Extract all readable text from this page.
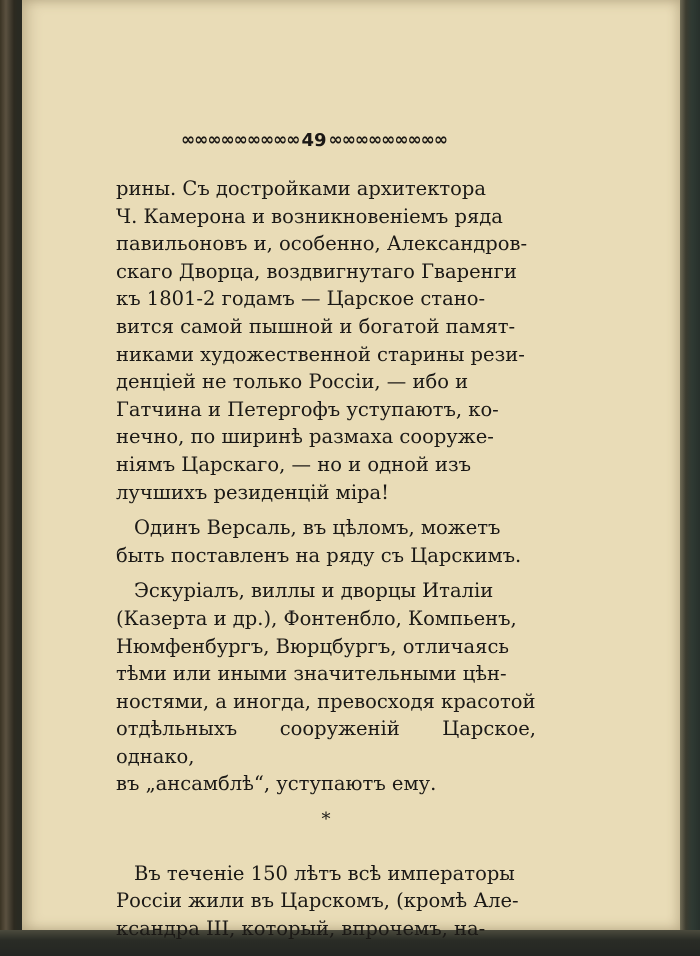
∞∞∞∞∞∞∞∞∞ 49 ∞∞∞∞∞∞∞∞∞

рины. Съ достройками архитектора

Ч. Камерона и возникновеніемъ ряда

павильоновъ и, особенно, Александров-

скаго Дворца, воздвигнутаго Гваренги

къ 1801-2 годамъ — Царское стано-

вится самой пышной и богатой памят-

никами художественной старины рези-

денціей не только Россіи, — ибо и

Гатчина и Петергофъ уступаютъ, ко-

нечно, по ширинѣ размаха сооруже-

ніямъ Царскаго, — но и одной изъ

лучшихъ резиденцій міра!

Одинъ Версаль, въ цѣломъ, можетъ

быть поставленъ на ряду съ Царскимъ.

Эскуріалъ, виллы и дворцы Италіи

(Казерта и др.), Фонтенбло, Компьенъ,

Нюмфенбургъ, Вюрцбургъ, отличаясь

тѣми или иными значительными цѣн-

ностями, а иногда, превосходя красотой

отдѣльныхъ сооруженій Царское, однако,

въ „ансамблѣ“, уступаютъ ему.

*

Въ теченіе 150 лѣтъ всѣ императоры

Россіи жили въ Царскомъ, (кромѣ Але-

ксандра III, который, впрочемъ, на-
